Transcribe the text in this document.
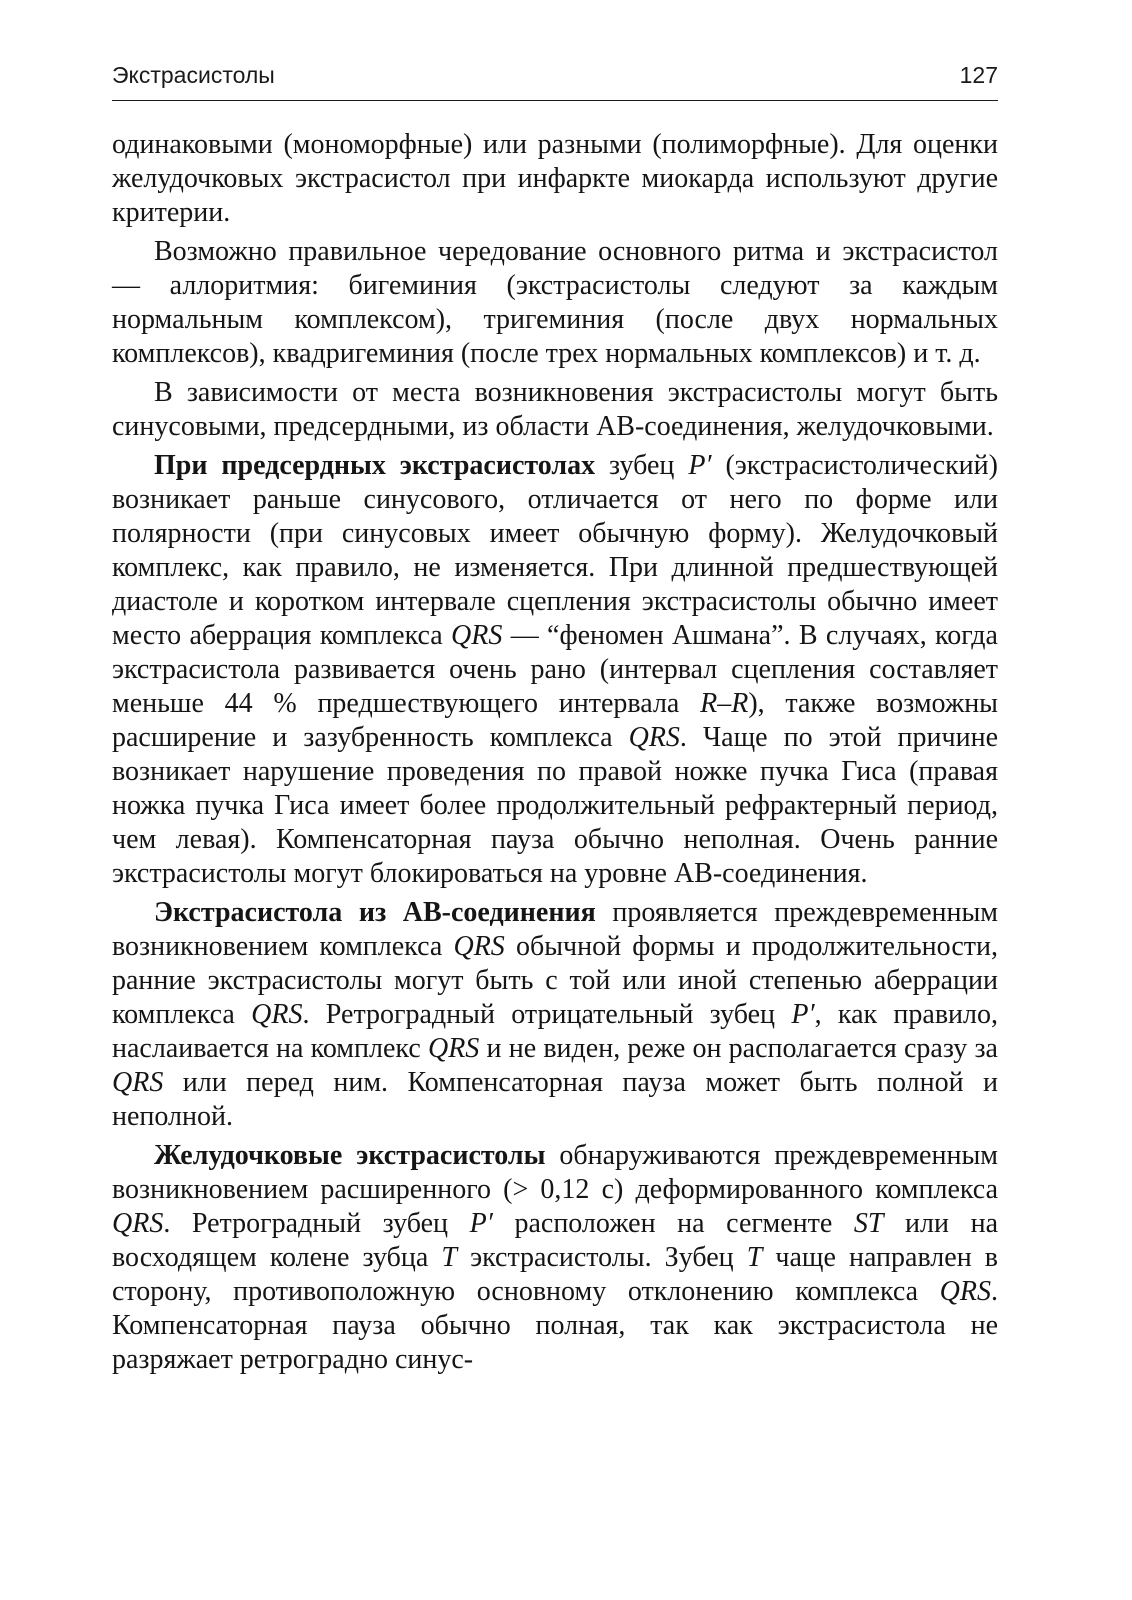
Экстрасистолы	127

одинаковыми (мономорфные) или разными (полиморфные). Для оценки желудочковых экстрасистол при инфаркте миокарда используют другие критерии.

Возможно правильное чередование основного ритма и экстрасистол — аллоритмия: бигеминия (экстрасистолы следуют за каждым нормальным комплексом), тригеминия (после двух нормальных комплексов), квадригеминия (после трех нормальных комплексов) и т. д.

В зависимости от места возникновения экстрасистолы могут быть синусовыми, предсердными, из области АВ-соединения, желудочковыми.

При предсердных экстрасистолах зубец P′ (экстрасистолический) возникает раньше синусового, отличается от него по форме или полярности (при синусовых имеет обычную форму). Желудочковый комплекс, как правило, не изменяется. При длинной предшествующей диастоле и коротком интервале сцепления экстрасистолы обычно имеет место аберрация комплекса QRS — “феномен Ашмана”. В случаях, когда экстрасистола развивается очень рано (интервал сцепления составляет меньше 44 % предшествующего интервала R–R), также возможны расширение и зазубренность комплекса QRS. Чаще по этой причине возникает нарушение проведения по правой ножке пучка Гиса (правая ножка пучка Гиса имеет более продолжительный рефрактерный период, чем левая). Компенсаторная пауза обычно неполная. Очень ранние экстрасистолы могут блокироваться на уровне АВ-соединения.

Экстрасистола из АВ-соединения проявляется преждевременным возникновением комплекса QRS обычной формы и продолжительности, ранние экстрасистолы могут быть с той или иной степенью аберрации комплекса QRS. Ретроградный отрицательный зубец P′, как правило, наслаивается на комплекс QRS и не виден, реже он располагается сразу за QRS или перед ним. Компенсаторная пауза может быть полной и неполной.

Желудочковые экстрасистолы обнаруживаются преждевременным возникновением расширенного (> 0,12 с) деформированного комплекса QRS. Ретроградный зубец P′ расположен на сегменте ST или на восходящем колене зубца T экстрасистолы. Зубец T чаще направлен в сторону, противоположную основному отклонению комплекса QRS. Компенсаторная пауза обычно полная, так как экстрасистола не разряжает ретроградно синус-
